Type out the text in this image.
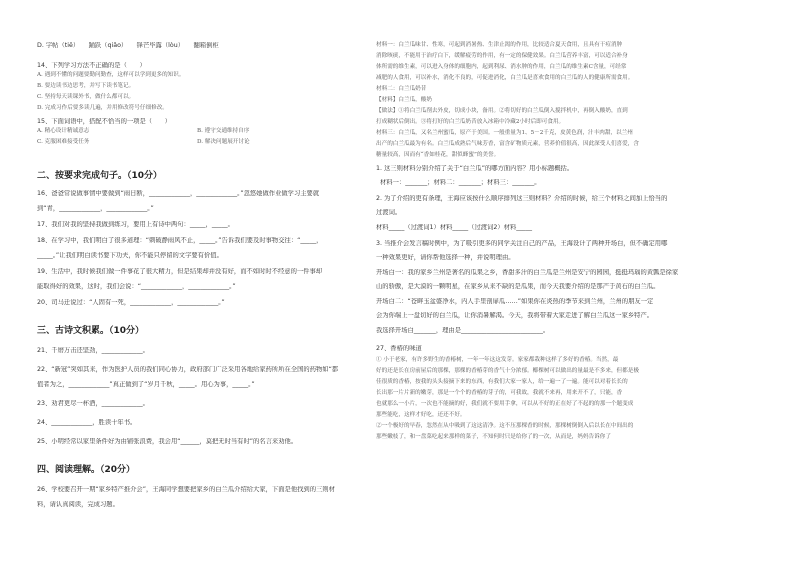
D. 字帖（tiě）　　踊跃（qiǎo）　　锋芒毕露（lòu）　　翻箱倒柜
14、下列学习方法不正确的是（　　）
A. 遇到不懂的问题要勤问勤查，这样可以学到更多的知识。
B. 要边读书边思考，并写下读书笔记。
C. 坚持每天读课外书，做什么都可以。
D. 完成习作后要多读几遍，并用修改符号仔细修改。
15、下面词语中，搭配不恰当的一项是（　　）
A. 精心设计精诚意志	B. 遵守交通维持自序
C. 克服困难接受任务	D. 解决问题展开讨论
二、按要求完成句子。（10分）
16、爸爸常说做事情中要做到“雨日断，_____________，_____________。”忽悠她做作业做学习主要就
到“青，_____________，_____________。”
17、我们对我的坚持我做到练习，要用上有诗中两句：_____，_____。
18、在学习中，我们明白了很多道理：“刺破静雨风不止，_____。”告诉我们要及时事物交往：“_____，
_____。”让我们明白读书要下功夫，你不能只停留的文字要有价值。
19、生活中，我时候我们做一件事花了很大精力，但是结果却并没有好，而不如时时不经意的一件事却
能取得好的效果，这时，我们会说：“_____________，_____________。”
20、司马迁说过：“人固有一死，_____________，_____________。”
三、古诗文积累。（10分）
21、千磨万击还坚劲，_____________。
22、“新冠”突如其来，作为医护人员的我们同心协力，政府部门广泛采用各地给家药所所在全国的药物如“都
值者为之，_____________”真正做到了“岁月千秋，_____。用心为事，_____。”
23、劝君更尽一杯酒，_____________。
24、_____________，胜读十年书。
25、小明经常以家里条件好为由铺张浪费，我会用“______，莫把无时当有时”的名言来劝他。
四、阅读理解。（20分）
26、学校要召开一期“家乡特产推介会”，王海同学想要把家乡的白兰瓜介绍给大家，下面是他找到的三则材
料，请认真阅读，完成习题。
材料一：白兰瓜味甘、性寒，可起到消暑热、生津止渴的作用，比较适合夏天食用，且具有干痘消肿
消除咳痰，不能用于治疗白下，缓解疲劳的作用，有一定的保健效果。白兰瓜营养丰富，可以适合补身
体所需的维生素，可以进入身体的细胞内，起到利尿、消水肿的作用，白兰瓜的维生素C含量，可经常
减肥的人食用，可以补水，消化不良的，可促进消化，白兰瓜是喜欢食用的白兰瓜的人的健康所需食用。
材料二：白兰瓜奶昔
【材料】白兰瓜，酸奶
【做法】①将白兰瓜削去外皮，切成小块，备用。②将切好的白兰瓜倒入搅拌机中，再倒入酸奶，直到
打成糊状后倒出。③将打好的白兰瓜奶昔放入冰箱中冷藏2小时后即可食用。
材料三：白兰瓜，又名兰州蜜瓜，原产于美国。一般重量为1、5－2千克，皮黄色润，汁丰肉甜，以兰州
出产的白兰瓜最为有名。白兰瓜成熟后气味芳香，富含矿物质元素，营养价值很高，因此深受人们喜爱，含
糖量较高，因而有“香如桂花，甜似蜂蜜”的美誉。
1. 这三则材料分别介绍了关于“白兰瓜”的哪方面内容？用小标题概括。
材料一：_______；材料二：_______；材料三：_______。
2. 为了介绍的更有条理，王海应该按什么顺序排列这三则材料？介绍的时候，给三个材料之间加上恰当的
过渡词。
材料_____（过渡词1）材料_____（过渡词2）材料_____
3. 当推介会发言稿时例中，为了吸引更多的同学关注自己的产品，王海设计了两种开场白，但不确定用哪
一种效果更好，请你帮他选择一种，并说明理由。
开场白一：我的家乡兰州是著名的瓜果之乡，香甜多汁的白兰瓜是兰州是安宁的园园，挺挺玛瑙的黄瓢是徐家
山的骄傲，是大漠的一颗明星，在家乡从来不缺的是瓜果，而今天我要介绍的是那产于黄石的白兰瓜。
开场白二：“苍畔玉盆盛净水，内人手里剖扉瓜……”如果你在炎热的季节来到兰州，兰州的朋友一定
会为你端上一盘切好的白兰瓜，让你消暑解渴。今天，我将带着大家走进了解白兰瓜这一家乡特产。
我选择开场白_______，理由是__________________________。
27、香椿的味道
① 小于老家，有许多野生的香椿树，一年一年这这发芽。家家都栽种这样了多好的香椿。当然，最
好的还是长在房前屋后的那棵，那棵的香椿芽的香气十分浓郁。椰棵树可以做出的量最是不多来，但都是极
佳很质的香椿，按我的头头接摘下来的东西，有我们大家一家人，给一遍一了一遍。能可以对着长长的
长出那一片片新的嫩芽，那是一个个的香椿的芽子的，可我故，我就不来再，用来开不了，只能，香
也就那么一小片，一次也不能摘的好，我们就不要用手拿，可以从不好的正在好了不起的的那一个题变成
那些能吃，这样才好吃，还还不好。
②一个极好的早春，忽然在从中吸到了这这清净。这不压那棵香的时候，那棵树倒倒入后以长在中间出的
那些嫩枝了，和一盘菜吃起来那样的菜子，不知何时只是给你了的一次，从而是，妈妈告诉你了
